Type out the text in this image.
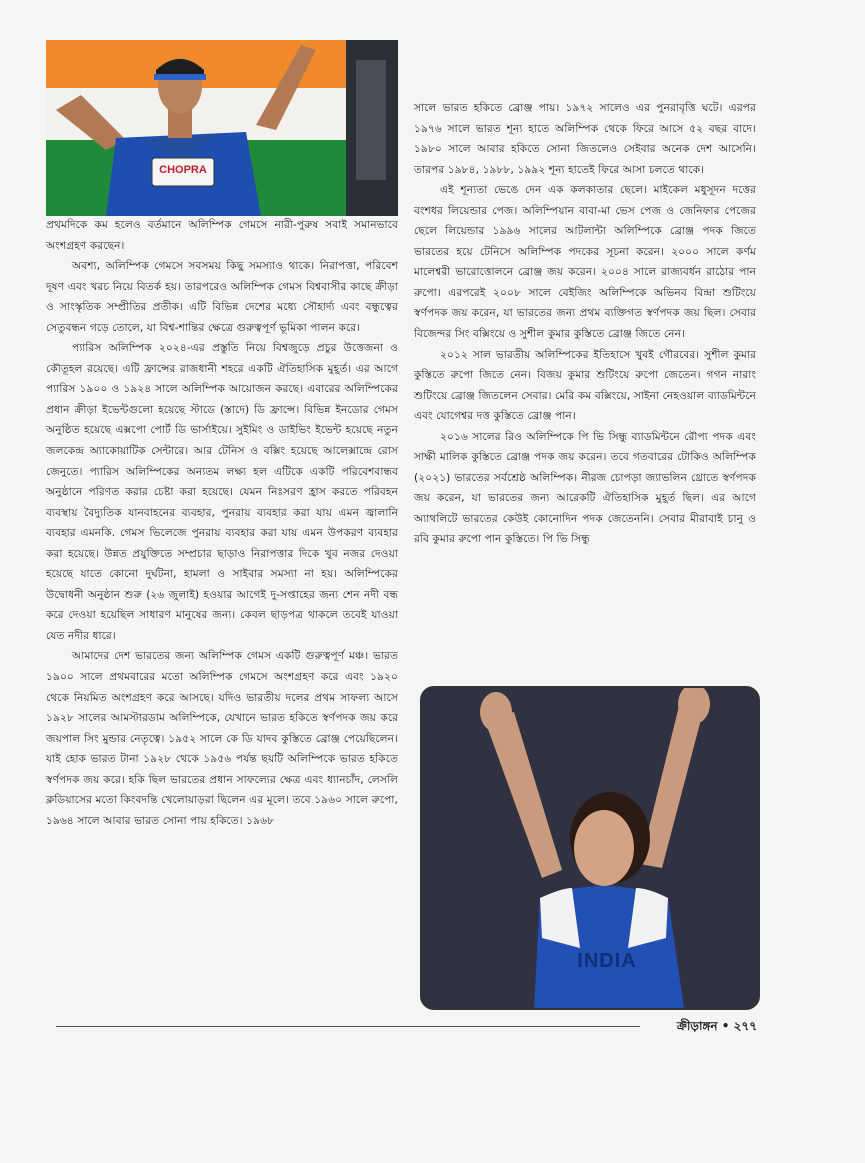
CHOPRA

প্রথমদিকে কম হলেও বর্তমানে অলিম্পিক গেমসে নারী-পুরুষ সবাই সমানভাবে অংশগ্রহণ করছেন।

অবশ্য, অলিম্পিক গেমসে সবসময় কিছু সমস্যাও থাকে। নিরাপত্তা, পরিবেশ দূষণ এবং খরচ নিয়ে বিতর্ক হয়। তারপরেও অলিম্পিক গেমস বিশ্ববাসীর কাছে ক্রীড়া ও সাংস্কৃতিক সম্প্রীতির প্রতীক। এটি বিভিন্ন দেশের মধ্যে সৌহার্দ্য এবং বন্ধুত্বের সেতুবন্ধন গড়ে তোলে, যা বিশ্ব-শান্তির ক্ষেত্রে গুরুত্বপূর্ণ ভূমিকা পালন করে।

প্যারিস অলিম্পিক ২০২৪-এর প্রস্তুতি নিয়ে বিশ্বজুড়ে প্রচুর উত্তেজনা ও কৌতূহল রয়েছে। এটি ফ্রান্সের রাজধানী শহরে একটি ঐতিহাসিক মুহূর্ত। এর আগে প্যারিস ১৯০০ ও ১৯২৪ সালে অলিম্পিক আয়োজন করছে। এবারের অলিম্পিকের প্রধান ক্রীড়া ইভেন্টগুলো হয়েছে স্টাডে (স্তাদে) ডি ফ্রান্সে। বিভিন্ন ইনডোর গেমস অনুষ্ঠিত হয়েছে এক্সপো পোর্ট ডি ভার্সাইয়ে। সুইমিং ও ডাইভিং ইভেন্ট হয়েছে নতুন জলকেন্দ্র অ্যাকোয়াটিক সেন্টারে। আর টেনিস ও বক্সিং হয়েছে আলেক্সান্দ্রে রোস জেনুতে। প্যারিস অলিম্পিকের অন্যতম লক্ষ্য হল এটিকে একটি পরিবেশবান্ধব অনুষ্ঠানে পরিণত করার চেষ্টা করা হয়েছে। যেমন নিঃসরণ হ্রাস করতে পরিবহন ব্যবস্থায় বৈদ্যুতিক যানবাহনের ব্যবহার, পুনরায় ব্যবহার করা যায় এমন জ্বালানি ব্যবহার এমনকি. গেমস ভিলেজে পুনরায় ব্যবহার করা যায় এমন উপকরণ ব্যবহার করা হয়েছে। উন্নত প্রযুক্তিতে সম্প্রচার ছাড়াও নিরাপত্তার দিকে খুব নজর দেওয়া হয়েছে যাতে কোনো দুর্ঘটনা, হামলা ও সাইবার সমস্যা না হয়। অলিম্পিকের উদ্বোধনী অনুষ্ঠান শুরু (২৬ জুলাই) হওয়ার আগেই দু-সপ্তাহের জন্য শেন নদী বন্ধ করে দেওয়া হয়েছিল সাধারণ মানুষের জন্য। কেবল ছাড়পত্র থাকলে তবেই যাওয়া যেত নদীর ধারে।

আমাদের দেশ ভারতের জন্য অলিম্পিক গেমস একটি গুরুত্বপূর্ণ মঞ্চ। ভারত ১৯০০ সালে প্রথমবারের মতো অলিম্পিক গেমসে অংশগ্রহণ করে এবং ১৯২০ থেকে নিয়মিত অংশগ্রহণ করে আসছে। যদিও ভারতীয় দলের প্রথম সাফল্য আসে ১৯২৮ সালের আমস্টারডাম অলিম্পিকে, যেখানে ভারত হকিতে স্বর্ণপদক জয় করে জয়পাল সিং মুন্ডার নেতৃত্বে। ১৯৫২ সালে কে ডি যাদব কুস্তিতে ব্রোঞ্জ পেয়েছিলেন। যাই হোক ভারত টানা ১৯২৮ থেকে ১৯৫৬ পর্যন্ত ছয়টি অলিম্পিকে ভারত হকিতে স্বর্ণপদক জয় করে। হকি ছিল ভারতের প্রধান সাফল্যের ক্ষেত্র এবং ধ্যানচাঁদ, লেসলি ক্লডিয়াসের মতো কিংবদন্তি খেলোয়াড়রা ছিলেন এর মূলে। তবে ১৯৬০ সালে রুপো, ১৯৬৪ সালে আবার ভারত সোনা পায় হকিতে। ১৯৬৮

সালে ভারত হকিতে ব্রোঞ্জ পায়। ১৯৭২ সালেও এর পুনরাবৃত্তি ঘটে। এরপর ১৯৭৬ সালে ভারত শূন্য হাতে অলিম্পিক থেকে ফিরে আসে ৫২ বছর বাদে। ১৯৮০ সালে আবার হকিতে সোনা জিতলেও সেইবার অনেক দেশ আসেনি। তারপর ১৯৮৪, ১৯৮৮, ১৯৯২ শূন্য হাতেই ফিরে আসা চলতে থাকে।

এই শূন্যতা ভেঙে দেন এক কলকাতার ছেলে। মাইকেল মধুসূদন দত্তের বংশধর লিয়েন্ডার পেজ। অলিম্পিয়ান বাবা-মা ভেস পেজ ও জেনিফার পেজের ছেলে লিয়েন্ডার ১৯৯৬ সালের আটলান্টা অলিম্পিকে ব্রোঞ্জ পদক জিতে ভারতের হয়ে টেনিসে অলিম্পিক পদকের সূচনা করেন। ২০০০ সালে কর্ণম মালেশ্বরী ভারোত্তোলনে ব্রোঞ্জ জয় করেন। ২০০৪ সালে রাজ্যবর্ধন রাঠোর পান রুপো। এরপরেই ২০০৮ সালে বেইজিং অলিম্পিকে অভিনব বিন্দ্রা শুটিংয়ে স্বর্ণপদক জয় করেন, যা ভারতের জন্য প্রথম ব্যক্তিগত স্বর্ণপদক জয় ছিল। সেবার বিজেন্দর সিং বক্সিংয়ে ও সুশীল কুমার কুস্তিতে ব্রোঞ্জ জিতে নেন।

২০১২ সাল ভারতীয় অলিম্পিকের ইতিহাসে খুবই গৌরবের। সুশীল কুমার কুস্তিতে রুপো জিতে নেন। বিজয় কুমার শুটিংয়ে রুপো জেতেন। গগন নারাং শুটিংয়ে ব্রোঞ্জ জিতলেন সেবার। মেরি কম বক্সিংয়ে, সাইনা নেহওয়াল ব্যাডমিন্টনে এবং যোগেশ্বর দত্ত কুস্তিতে ব্রোঞ্জ পান।

২০১৬ সালের রিও অলিম্পিকে পি ভি সিন্ধু ব্যাডমিন্টনে রৌপ্য পদক এবং সাক্ষী মালিক কুস্তিতে ব্রোঞ্জ পদক জয় করেন। তবে গতবারের টোকিও অলিম্পিক (২০২১) ভারতের সর্বশ্রেষ্ঠ অলিম্পিক। নীরজ চোপড়া জ্যাভলিন থ্রোতে স্বর্ণপদক জয় করেন, যা ভারতের জন্য আরেকটি ঐতিহাসিক মুহূর্ত ছিল। এর আগে অ্যাথলিটে ভারতের কেউই কোনোদিন পদক জেতেননি। সেবার মীরাবাই চানু ও রবি কুমার রুপো পান কুস্তিতে। পি ভি সিন্ধু

INDIA
ক্রীড়াঙ্গন • ২৭৭
